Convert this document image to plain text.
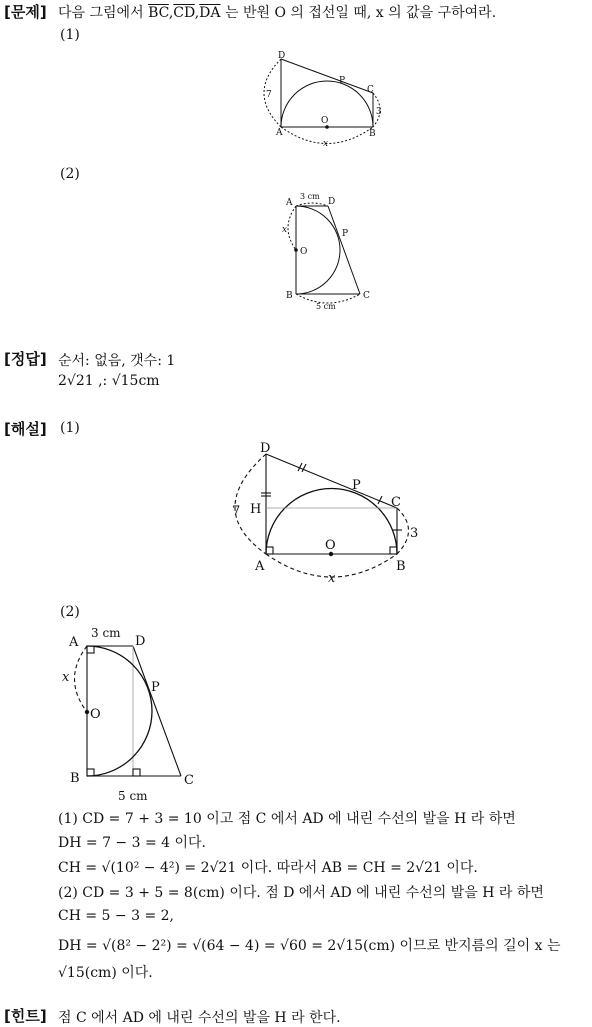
[문제] 다음 그림에서 $\overline{BC},\overline{CD},\overline{DA}$ 는 반원 O 의 접선일 때, x 의 값을 구하여라.
(1)
D
P
C
A
O
B
7
3
x
(2)
A	D
3 cm
P
x
O
B	C
5 cm
[정답] 순서: 없음, 갯수: 1
2√21 ,: √15cm
[해설] (1)
D
P
C
H
7
3
A
O
B
x
(2)
A
3 cm
D
P
x
O
B	C
5 cm
(1) CD = 7 + 3 = 10 이고 점 C 에서 AD 에 내린 수선의 발을 H 라 하면
DH = 7 − 3 = 4 이다.
CH = √(10² − 4²) = 2√21 이다. 따라서 AB = CH = 2√21 이다.
(2) CD = 3 + 5 = 8(cm) 이다. 점 D 에서 AD 에 내린 수선의 발을 H 라 하면
CH = 5 − 3 = 2,
DH = √(8² − 2²) = √(64 − 4) = √60 = 2√15(cm) 이므로 반지름의 길이 x 는
√15(cm) 이다.
[힌트] 점 C 에서 AD 에 내린 수선의 발을 H 라 한다.
